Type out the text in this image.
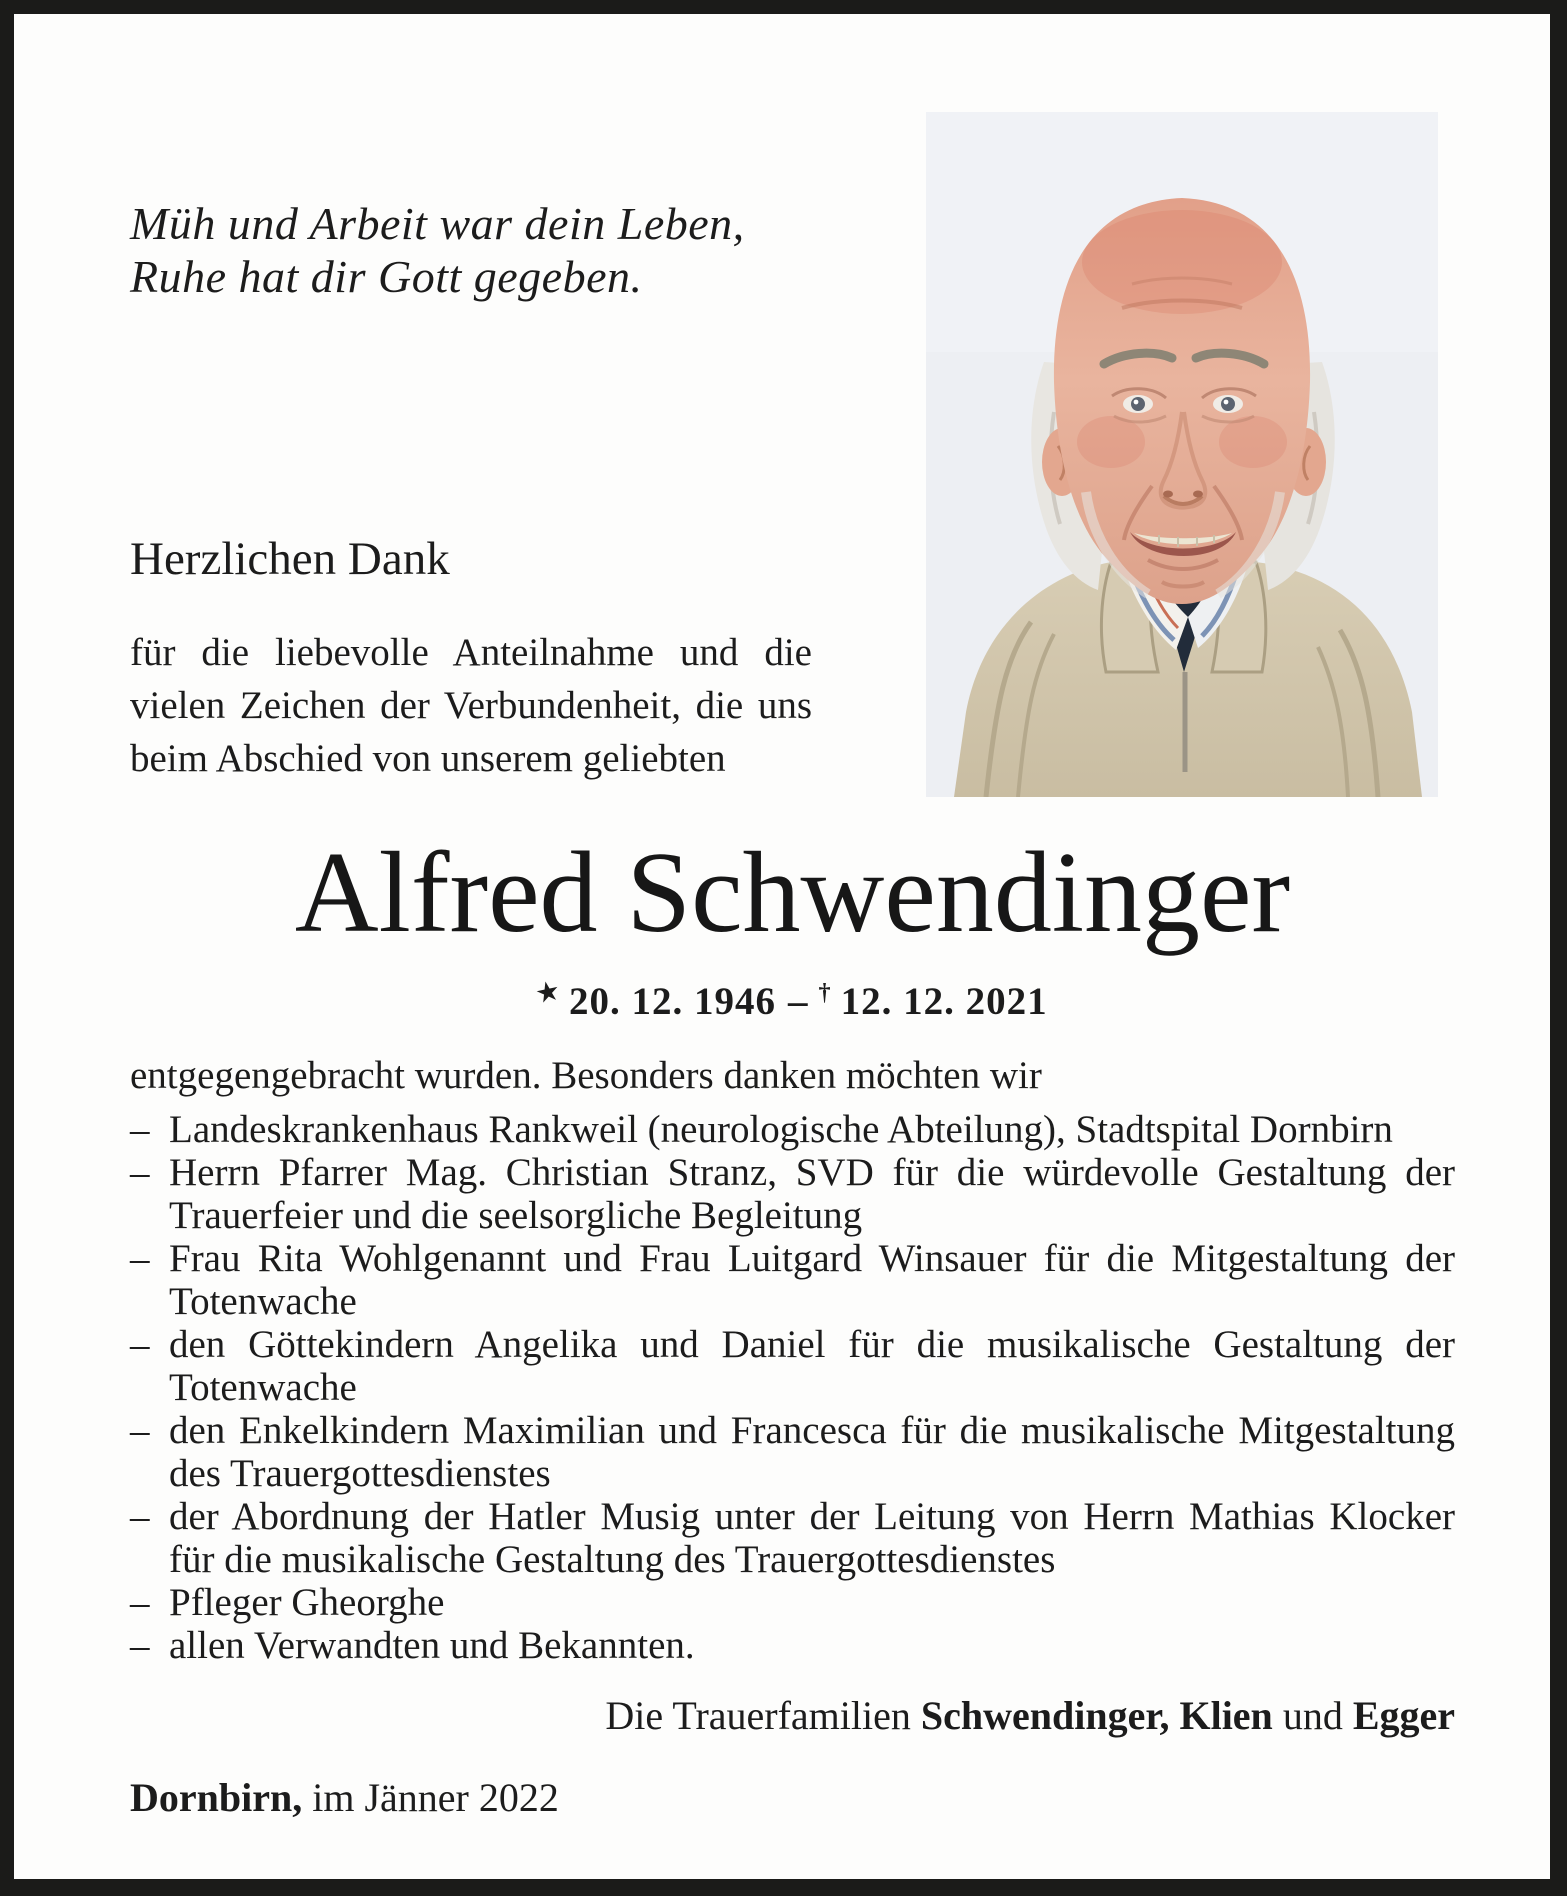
Müh und Arbeit war dein Leben,
Ruhe hat dir Gott gegeben.
Herzlichen Dank
für die liebevolle Anteilnahme und die vielen Zeichen der Verbundenheit, die uns beim Abschied von unserem geliebten
Alfred Schwendinger
★ 20. 12. 1946 – † 12. 12. 2021
entgegengebracht wurden. Besonders danken möchten wir
– Landeskrankenhaus Rankweil (neurologische Abteilung), Stadtspital Dornbirn
– Herrn Pfarrer Mag. Christian Stranz, SVD für die würdevolle Gestaltung der Trauerfeier und die seelsorgliche Begleitung
– Frau Rita Wohlgenannt und Frau Luitgard Winsauer für die Mitgestaltung der Totenwache
– den Göttekindern Angelika und Daniel für die musikalische Gestaltung der Totenwache
– den Enkelkindern Maximilian und Francesca für die musikalische Mitgestaltung des Trauergottesdienstes
– der Abordnung der Hatler Musig unter der Leitung von Herrn Mathias Klocker für die musikalische Gestaltung des Trauergottesdienstes
– Pfleger Gheorghe
– allen Verwandten und Bekannten.
Die Trauerfamilien Schwendinger, Klien und Egger
Dornbirn, im Jänner 2022
